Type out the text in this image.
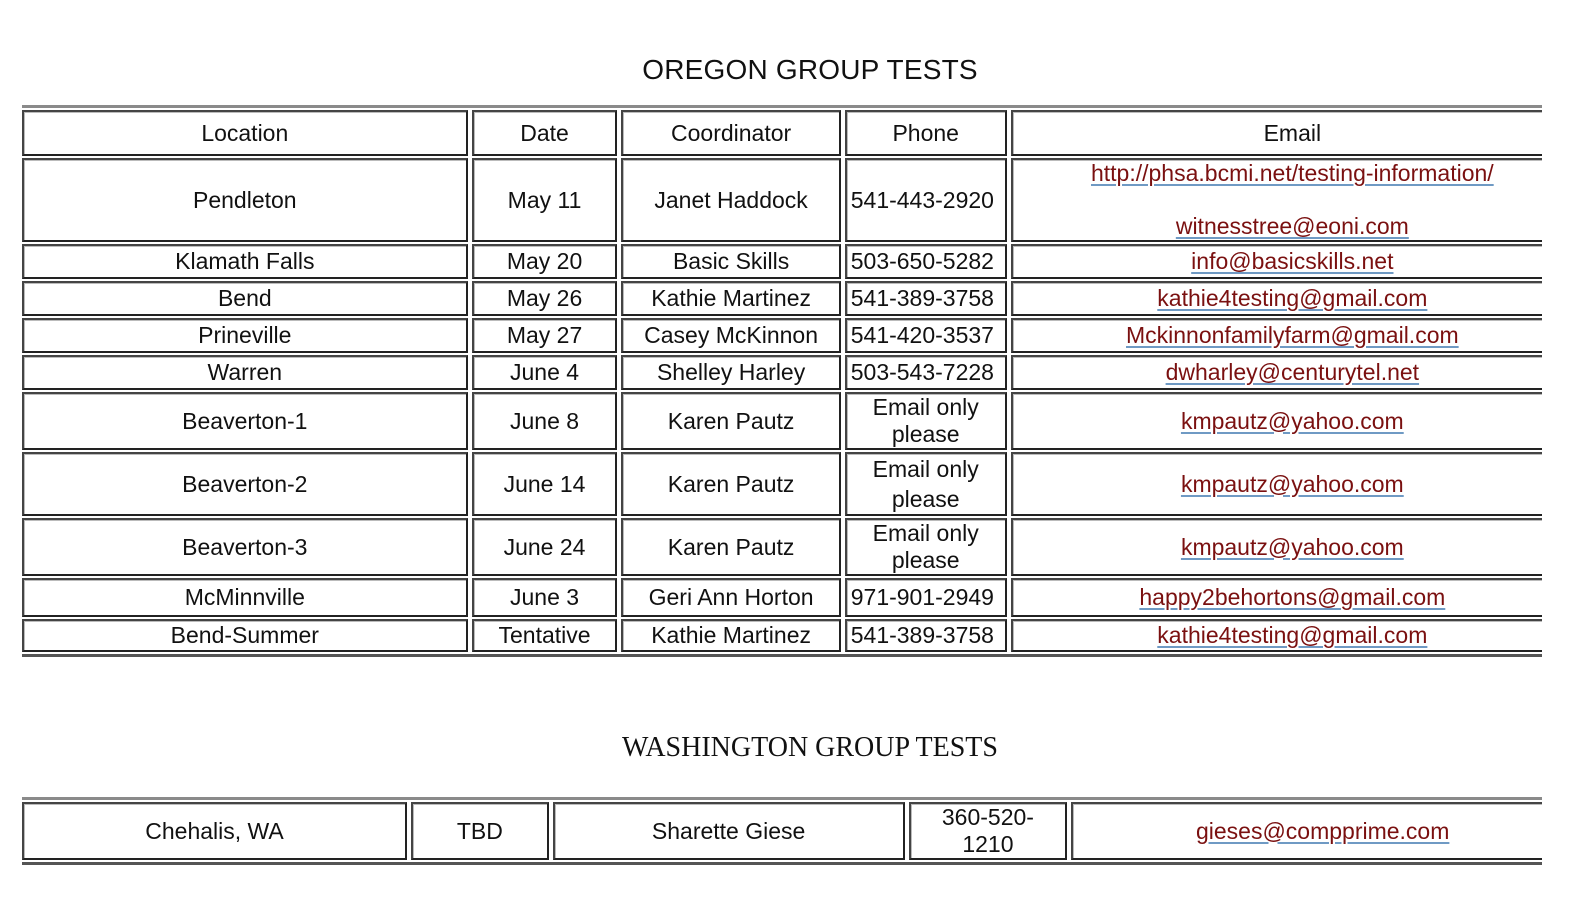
OREGON GROUP TESTS
Location	Date	Coordinator	Phone	Email
Pendleton	May 11	Janet Haddock	541-443-2920	http://phsa.bcmi.net/testing-information/
witnesstree@eoni.com

Klamath Falls	May 20	Basic Skills	503-650-5282	info@basicskills.net
Bend	May 26	Kathie Martinez	541-389-3758	kathie4testing@gmail.com
Prineville	May 27	Casey McKinnon	541-420-3537	Mckinnonfamilyfarm@gmail.com
Warren	June 4	Shelley Harley	503-543-7228	dwharley@centurytel.net
Beaverton-1	June 8	Karen Pautz	Email only please	kmpautz@yahoo.com
Beaverton-2	June 14	Karen Pautz	Email only please	kmpautz@yahoo.com
Beaverton-3	June 24	Karen Pautz	Email only please	kmpautz@yahoo.com
McMinnville	June 3	Geri Ann Horton	971-901-2949	happy2behortons@gmail.com
Bend-Summer	Tentative	Kathie Martinez	541-389-3758	kathie4testing@gmail.com
WASHINGTON GROUP TESTS
Chehalis, WA	TBD	Sharette Giese	360-520-1210	gieses@compprime.com
